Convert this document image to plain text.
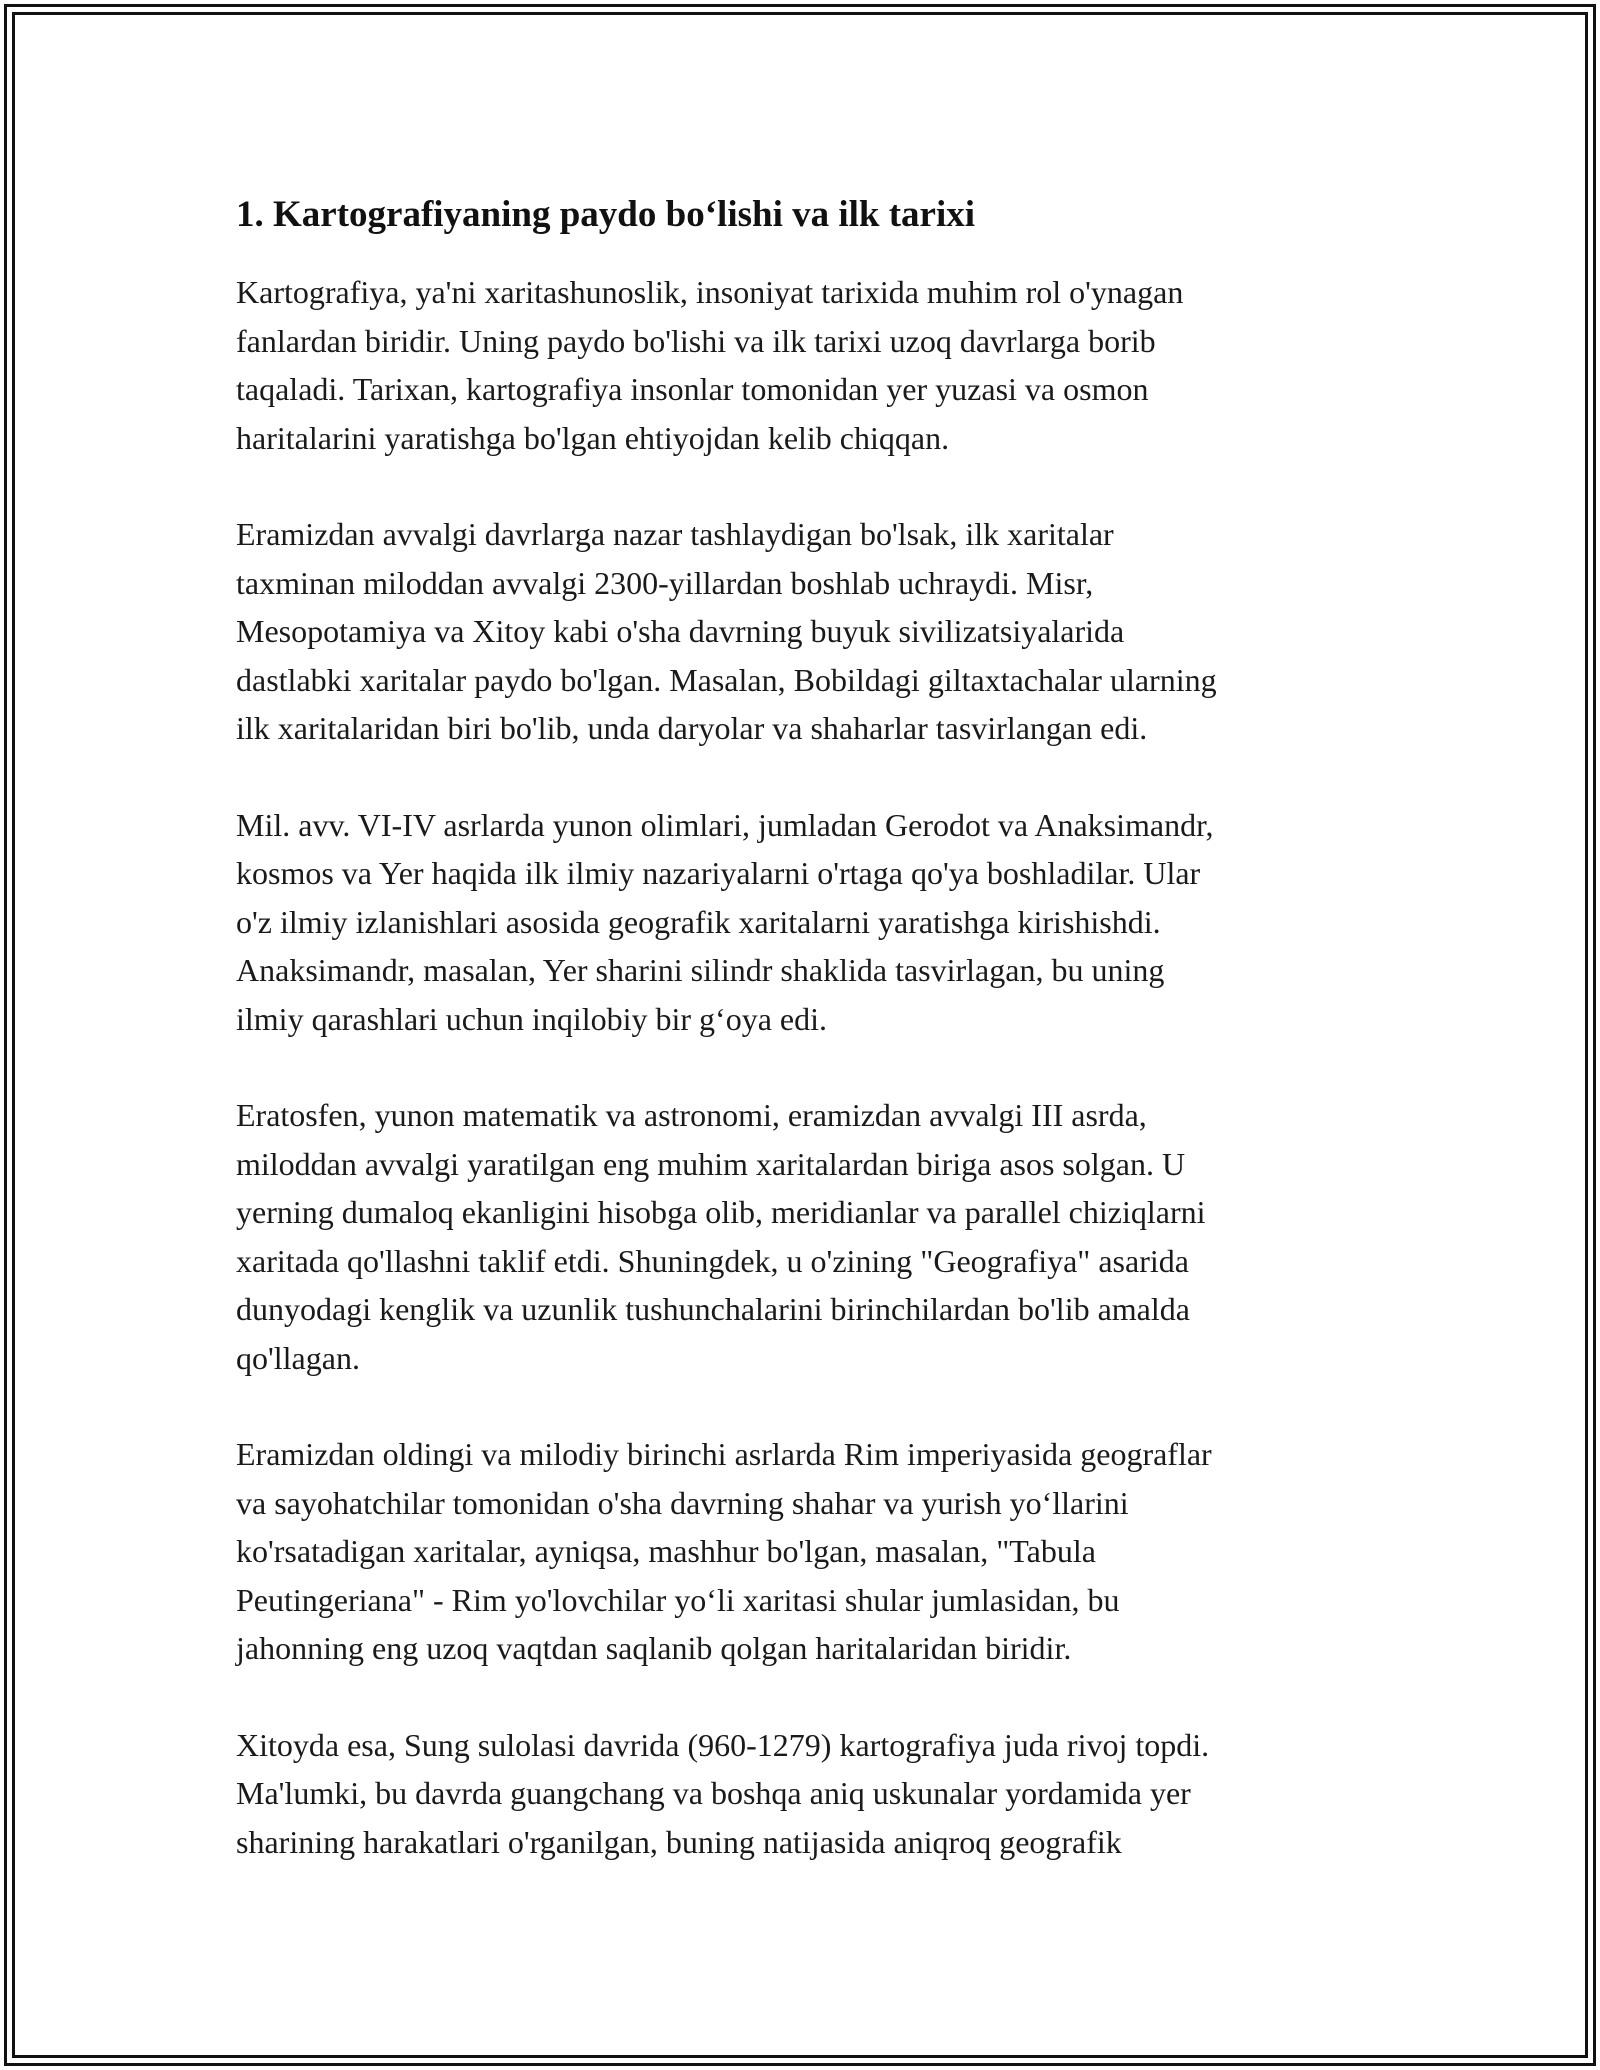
1. Kartografiyaning paydo bo‘lishi va ilk tarixi

Kartografiya, ya'ni xaritashunoslik, insoniyat tarixida muhim rol o'ynagan
fanlardan biridir. Uning paydo bo'lishi va ilk tarixi uzoq davrlarga borib
taqaladi. Tarixan, kartografiya insonlar tomonidan yer yuzasi va osmon
haritalarini yaratishga bo'lgan ehtiyojdan kelib chiqqan.

Eramizdan avvalgi davrlarga nazar tashlaydigan bo'lsak, ilk xaritalar
taxminan miloddan avvalgi 2300-yillardan boshlab uchraydi. Misr,
Mesopotamiya va Xitoy kabi o'sha davrning buyuk sivilizatsiyalarida
dastlabki xaritalar paydo bo'lgan. Masalan, Bobildagi giltaxtachalar ularning
ilk xaritalaridan biri bo'lib, unda daryolar va shaharlar tasvirlangan edi.

Mil. avv. VI-IV asrlarda yunon olimlari, jumladan Gerodot va Anaksimandr,
kosmos va Yer haqida ilk ilmiy nazariyalarni o'rtaga qo'ya boshladilar. Ular
o'z ilmiy izlanishlari asosida geografik xaritalarni yaratishga kirishishdi.
Anaksimandr, masalan, Yer sharini silindr shaklida tasvirlagan, bu uning
ilmiy qarashlari uchun inqilobiy bir g‘oya edi.

Eratosfen, yunon matematik va astronomi, eramizdan avvalgi III asrda,
miloddan avvalgi yaratilgan eng muhim xaritalardan biriga asos solgan. U
yerning dumaloq ekanligini hisobga olib, meridianlar va parallel chiziqlarni
xaritada qo'llashni taklif etdi. Shuningdek, u o'zining "Geografiya" asarida
dunyodagi kenglik va uzunlik tushunchalarini birinchilardan bo'lib amalda
qo'llagan.

Eramizdan oldingi va milodiy birinchi asrlarda Rim imperiyasida geograflar
va sayohatchilar tomonidan o'sha davrning shahar va yurish yo‘llarini
ko'rsatadigan xaritalar, ayniqsa, mashhur bo'lgan, masalan, "Tabula
Peutingeriana" - Rim yo'lovchilar yo‘li xaritasi shular jumlasidan, bu
jahonning eng uzoq vaqtdan saqlanib qolgan haritalaridan biridir.

Xitoyda esa, Sung sulolasi davrida (960-1279) kartografiya juda rivoj topdi.
Ma'lumki, bu davrda guangchang va boshqa aniq uskunalar yordamida yer
sharining harakatlari o'rganilgan, buning natijasida aniqroq geografik
